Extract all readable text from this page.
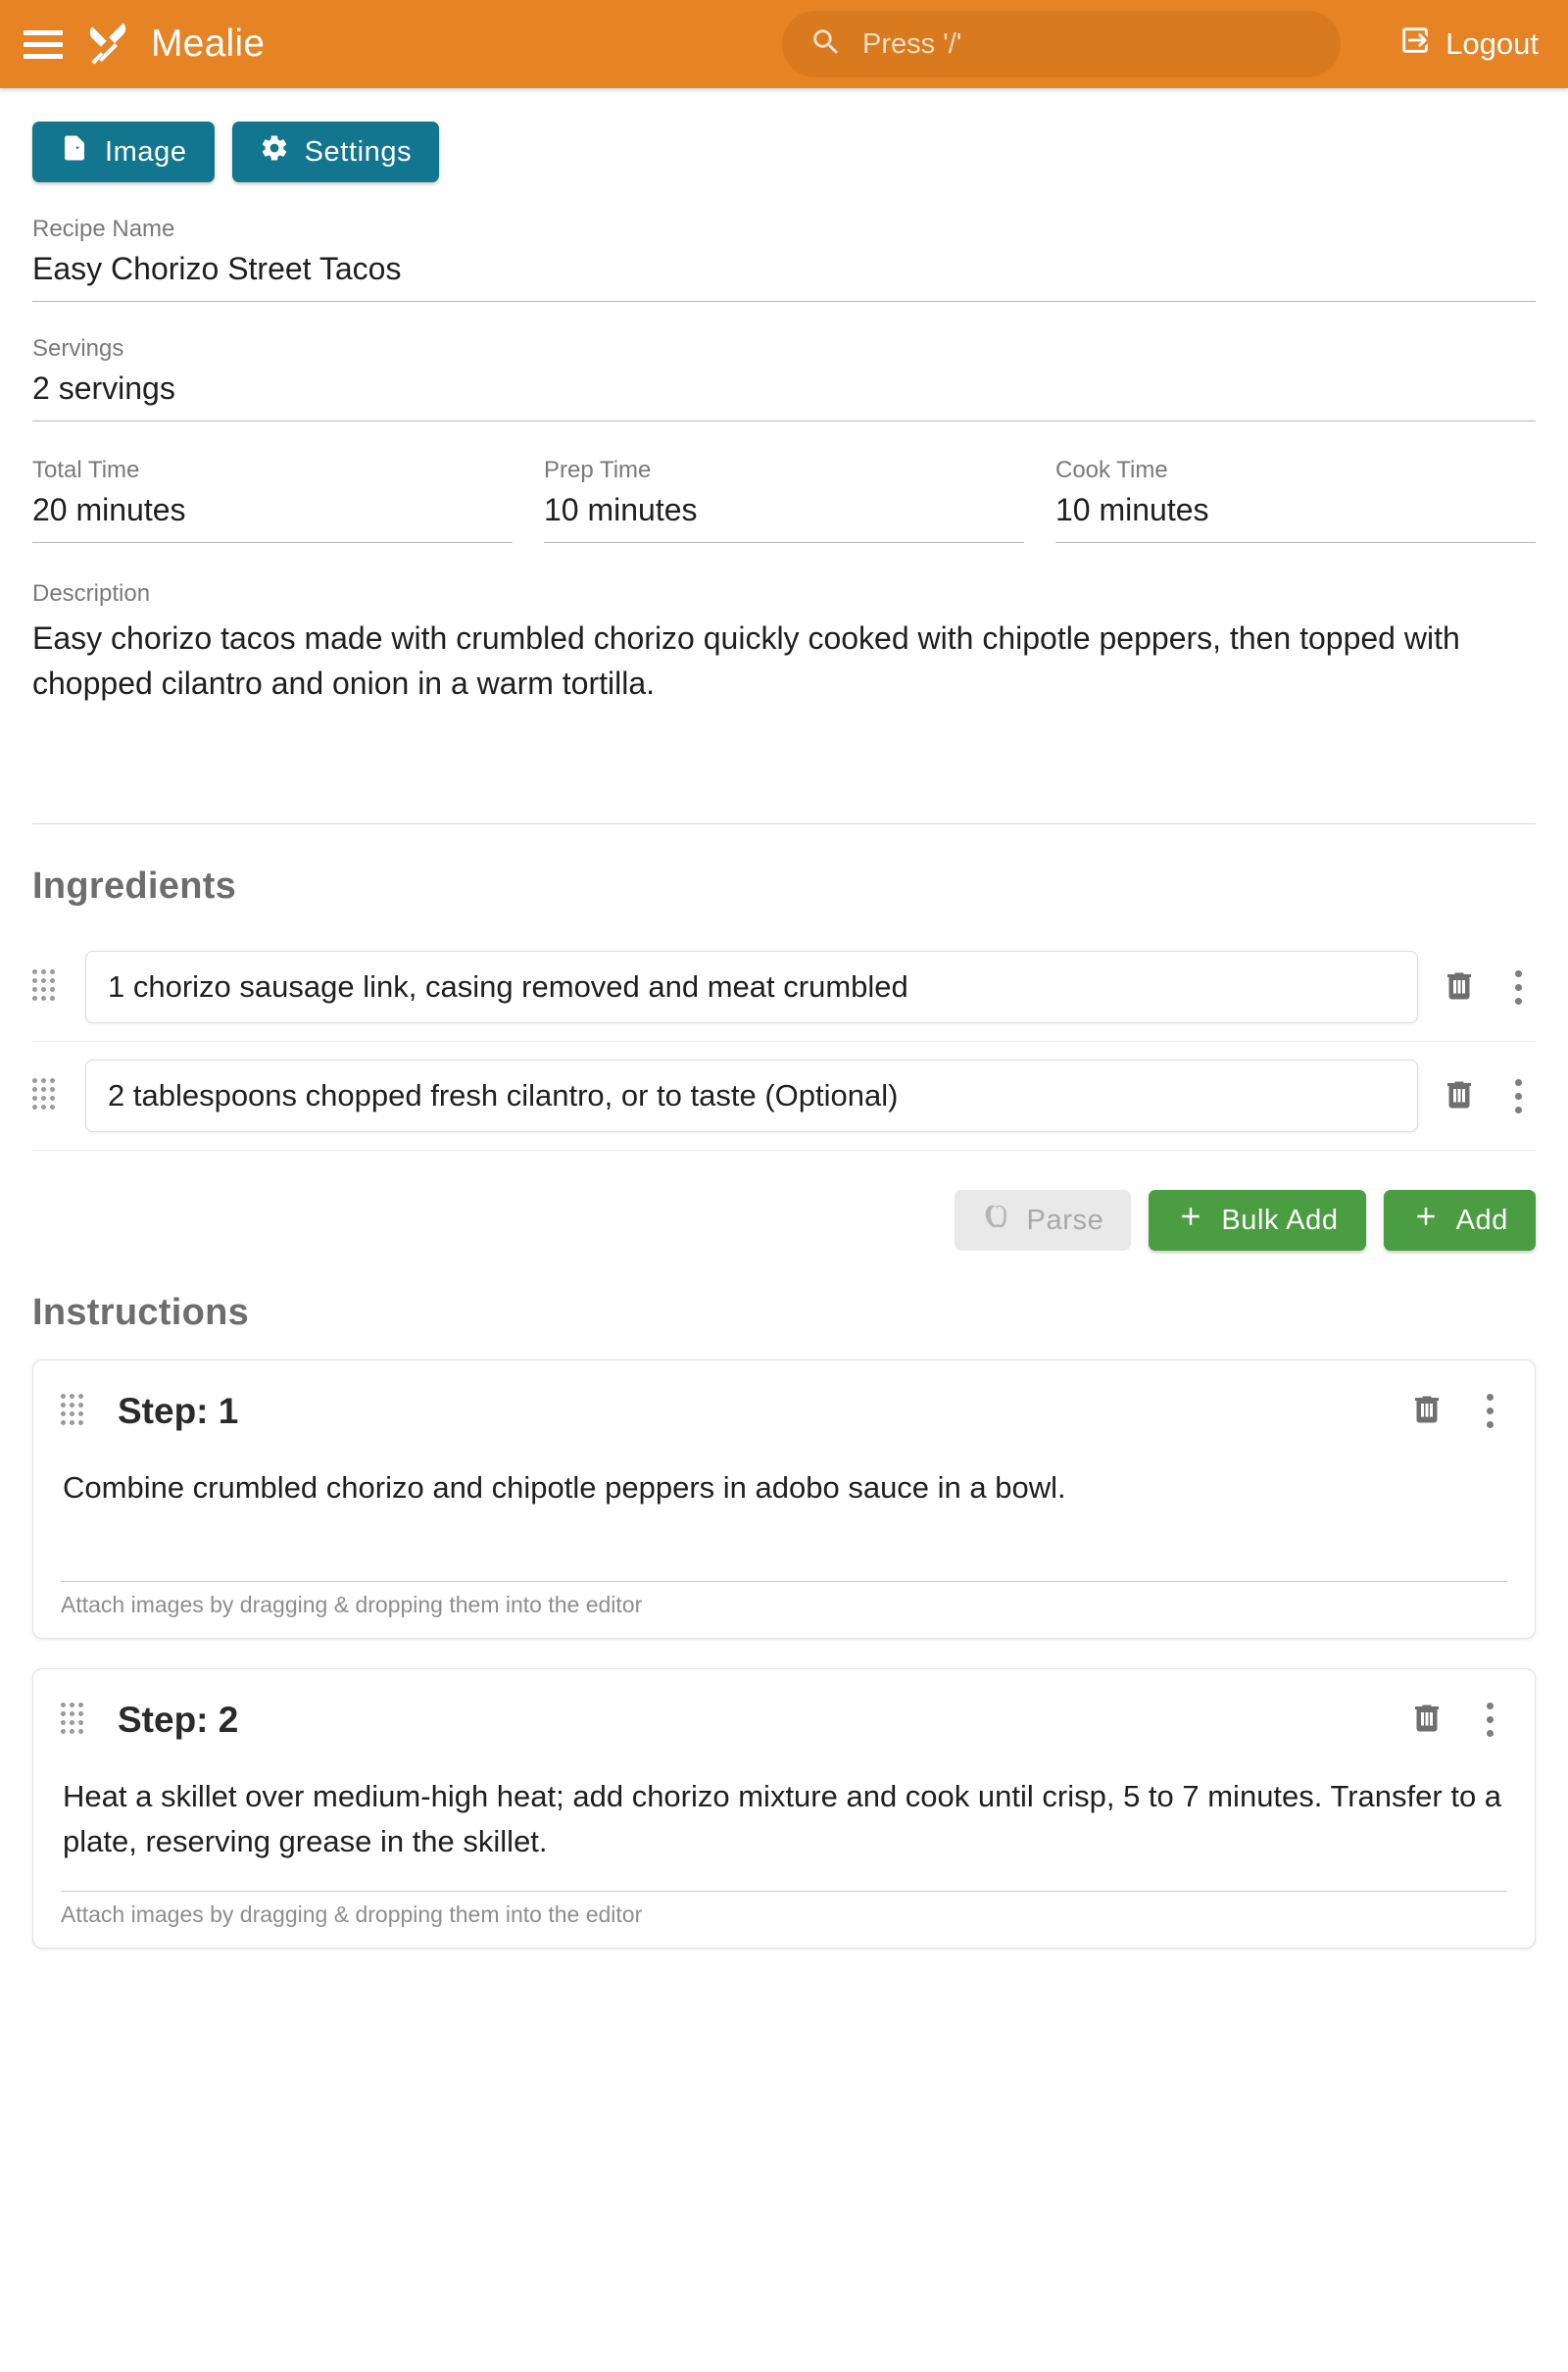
Mealie
Press '/'	Logout
Image	Settings
Recipe Name
Easy Chorizo Street Tacos
Servings
2 servings
Total Time
20 minutes
Prep Time
10 minutes
Cook Time
10 minutes
Description
Easy chorizo tacos made with crumbled chorizo quickly cooked with chipotle peppers, then topped with chopped cilantro and onion in a warm tortilla.
Ingredients
1 chorizo sausage link, casing removed and meat crumbled
2 tablespoons chopped fresh cilantro, or to taste (Optional)
Parse	Bulk Add	Add
Instructions
Step: 1
Combine crumbled chorizo and chipotle peppers in adobo sauce in a bowl.
Attach images by dragging & dropping them into the editor
Step: 2
Heat a skillet over medium-high heat; add chorizo mixture and cook until crisp, 5 to 7 minutes. Transfer to a plate, reserving grease in the skillet.
Attach images by dragging & dropping them into the editor
